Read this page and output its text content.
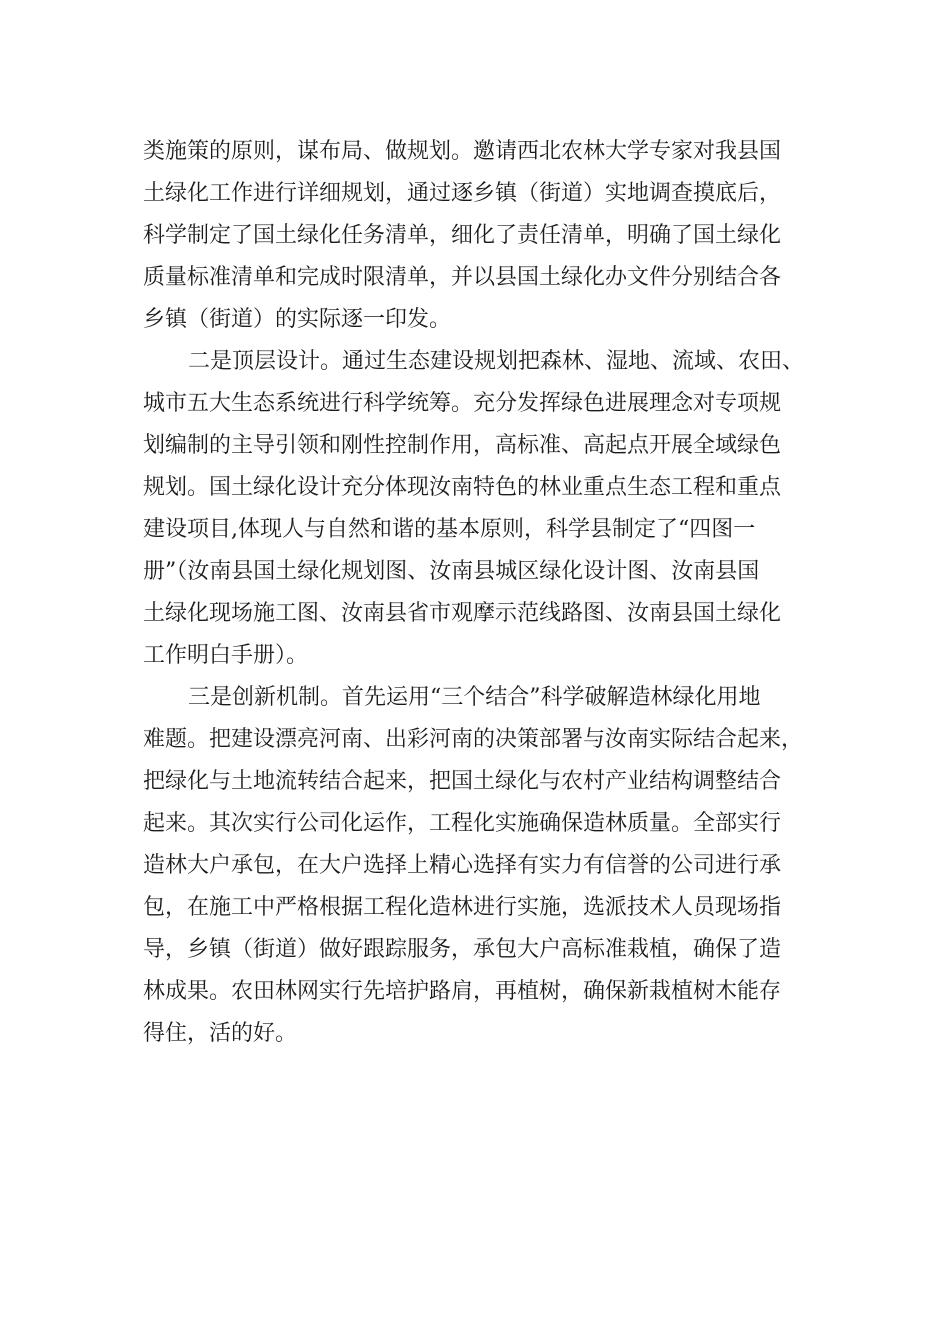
类施策的原则，谋布局、做规划。邀请西北农林大学专家对我县国

土绿化工作进行详细规划，通过逐乡镇（街道）实地调查摸底后，

科学制定了国土绿化任务清单，细化了责任清单，明确了国土绿化

质量标准清单和完成时限清单，并以县国土绿化办文件分别结合各

乡镇（街道）的实际逐一印发。

二是顶层设计。通过生态建设规划把森林、湿地、流域、农田、

城市五大生态系统进行科学统筹。充分发挥绿色进展理念对专项规

划编制的主导引领和刚性控制作用，高标准、高起点开展全域绿色

规划。国土绿化设计充分体现汝南特色的林业重点生态工程和重点

建设项目,体现人与自然和谐的基本原则，科学县制定了“四图一

册”（汝南县国土绿化规划图、汝南县城区绿化设计图、汝南县国

土绿化现场施工图、汝南县省市观摩示范线路图、汝南县国土绿化

工作明白手册）。

三是创新机制。首先运用“三个结合”科学破解造林绿化用地

难题。把建设漂亮河南、出彩河南的决策部署与汝南实际结合起来，

把绿化与土地流转结合起来，把国土绿化与农村产业结构调整结合

起来。其次实行公司化运作，工程化实施确保造林质量。全部实行

造林大户承包，在大户选择上精心选择有实力有信誉的公司进行承

包，在施工中严格根据工程化造林进行实施，选派技术人员现场指

导，乡镇（街道）做好跟踪服务，承包大户高标准栽植，确保了造

林成果。农田林网实行先培护路肩，再植树，确保新栽植树木能存

得住，活的好。
